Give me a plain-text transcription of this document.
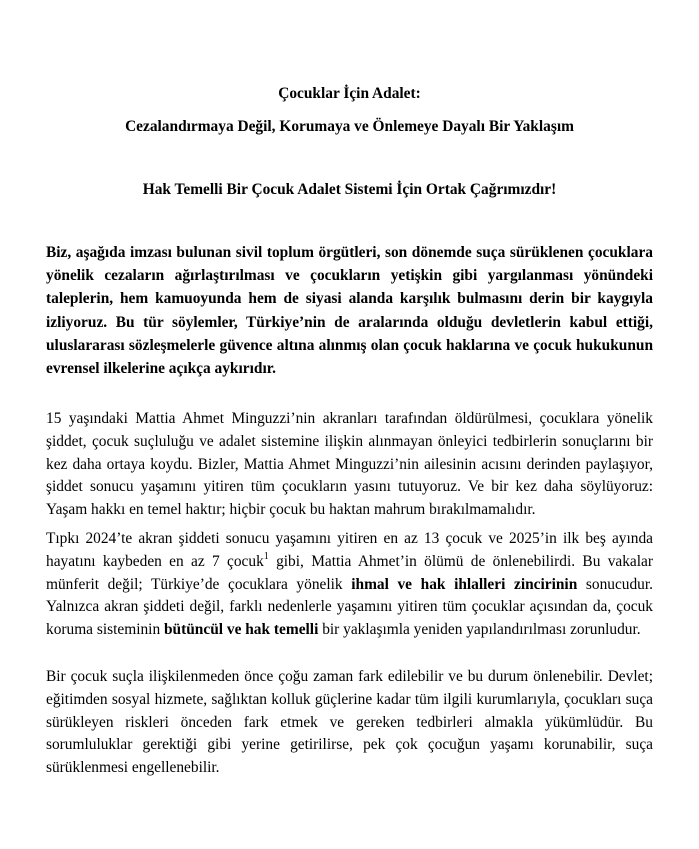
Çocuklar İçin Adalet:
Cezalandırmaya Değil, Korumaya ve Önlemeye Dayalı Bir Yaklaşım
Hak Temelli Bir Çocuk Adalet Sistemi İçin Ortak Çağrımızdır!

Biz, aşağıda imzası bulunan sivil toplum örgütleri, son dönemde suça sürüklenen çocuklara yönelik cezaların ağırlaştırılması ve çocukların yetişkin gibi yargılanması yönündeki taleplerin, hem kamuoyunda hem de siyasi alanda karşılık bulmasını derin bir kaygıyla izliyoruz. Bu tür söylemler, Türkiye’nin de aralarında olduğu devletlerin kabul ettiği, uluslararası sözleşmelerle güvence altına alınmış olan çocuk haklarına ve çocuk hukukunun evrensel ilkelerine açıkça aykırıdır.

15 yaşındaki Mattia Ahmet Minguzzi’nin akranları tarafından öldürülmesi, çocuklara yönelik şiddet, çocuk suçluluğu ve adalet sistemine ilişkin alınmayan önleyici tedbirlerin sonuçlarını bir kez daha ortaya koydu. Bizler, Mattia Ahmet Minguzzi’nin ailesinin acısını derinden paylaşıyor, şiddet sonucu yaşamını yitiren tüm çocukların yasını tutuyoruz. Ve bir kez daha söylüyoruz: Yaşam hakkı en temel haktır; hiçbir çocuk bu haktan mahrum bırakılmamalıdır.

Tıpkı 2024’te akran şiddeti sonucu yaşamını yitiren en az 13 çocuk ve 2025’in ilk beş ayında hayatını kaybeden en az 7 çocuk$^1$ gibi, Mattia Ahmet’in ölümü de önlenebilirdi. Bu vakalar münferit değil; Türkiye’de çocuklara yönelik ihmal ve hak ihlalleri zincirinin sonucudur. Yalnızca akran şiddeti değil, farklı nedenlerle yaşamını yitiren tüm çocuklar açısından da, çocuk koruma sisteminin bütüncül ve hak temelli bir yaklaşımla yeniden yapılandırılması zorunludur.

Bir çocuk suçla ilişkilenmeden önce çoğu zaman fark edilebilir ve bu durum önlenebilir. Devlet; eğitimden sosyal hizmete, sağlıktan kolluk güçlerine kadar tüm ilgili kurumlarıyla, çocukları suça sürükleyen riskleri önceden fark etmek ve gereken tedbirleri almakla yükümlüdür. Bu sorumluluklar gerektiği gibi yerine getirilirse, pek çok çocuğun yaşamı korunabilir, suça sürüklenmesi engellenebilir.
